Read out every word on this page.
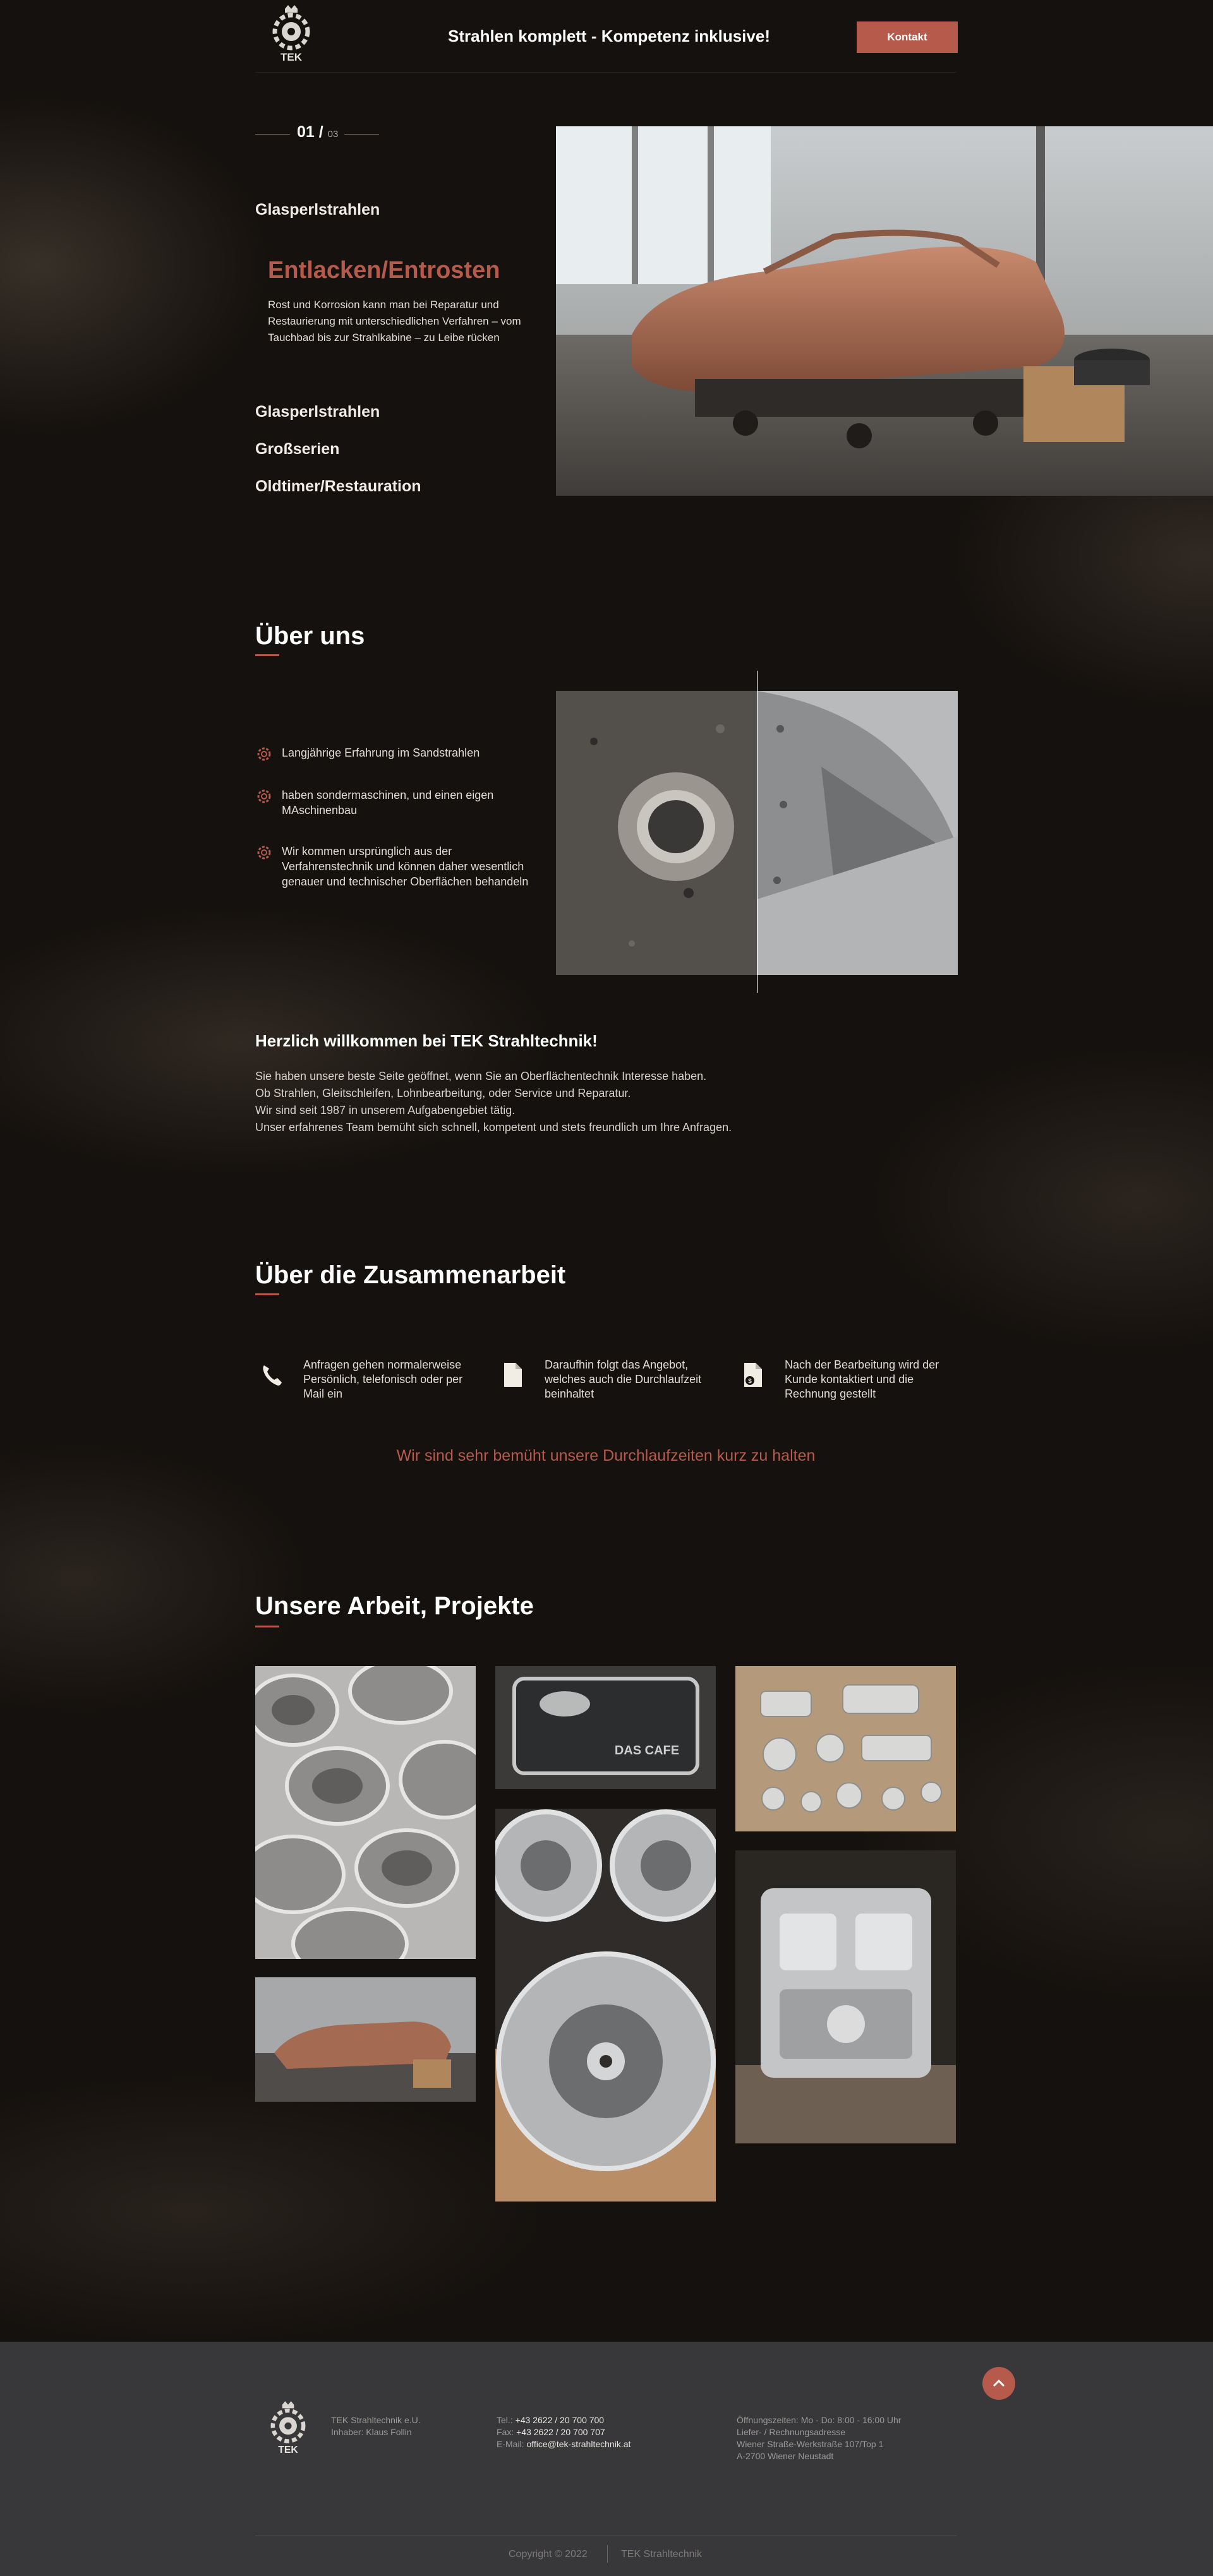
TEK
Strahlen komplett - Kompetenz inklusive!	Kontakt
01 / 03
Glasperlstrahlen
Entlacken/Entrosten
Rost und Korrosion kann man bei Reparatur und Restaurierung mit unterschiedlichen Verfahren – vom Tauchbad bis zur Strahlkabine – zu Leibe rücken
Glasperlstrahlen
Großserien
Oldtimer/Restauration
Über uns
Langjährige Erfahrung im Sandstrahlen
haben sondermaschinen, und einen eigen MAschinenbau
Wir kommen ursprünglich aus der Verfahrenstechnik und können daher wesentlich genauer und technischer Oberflächen behandeln
Herzlich willkommen bei TEK Strahltechnik!
Sie haben unsere beste Seite geöffnet, wenn Sie an Oberflächentechnik Interesse haben.
Ob Strahlen, Gleitschleifen, Lohnbearbeitung, oder Service und Reparatur.
Wir sind seit 1987 in unserem Aufgabengebiet tätig.
Unser erfahrenes Team bemüht sich schnell, kompetent und stets freundlich um Ihre Anfragen.
Über die Zusammenarbeit
Anfragen gehen normalerweise Persönlich, telefonisch oder per Mail ein
Daraufhin folgt das Angebot, welches auch die Durchlaufzeit beinhaltet
$
Nach der Bearbeitung wird der Kunde kontaktiert und die Rechnung gestellt
Wir sind sehr bemüht unsere Durchlaufzeiten kurz zu halten
Unsere Arbeit, Projekte
DAS CAFE
TEK
TEK Strahltechnik e.U.
Inhaber: Klaus Follin
Tel.: +43 2622 / 20 700 700
Fax: +43 2622 / 20 700 707
E-Mail: office@tek-strahltechnik.at
Öffnungszeiten: Mo - Do: 8:00 - 16:00 Uhr
Liefer- / Rechnungsadresse
Wiener Straße-Werkstraße 107/Top 1
A-2700 Wiener Neustadt
Copyright © 2022	TEK Strahltechnik
